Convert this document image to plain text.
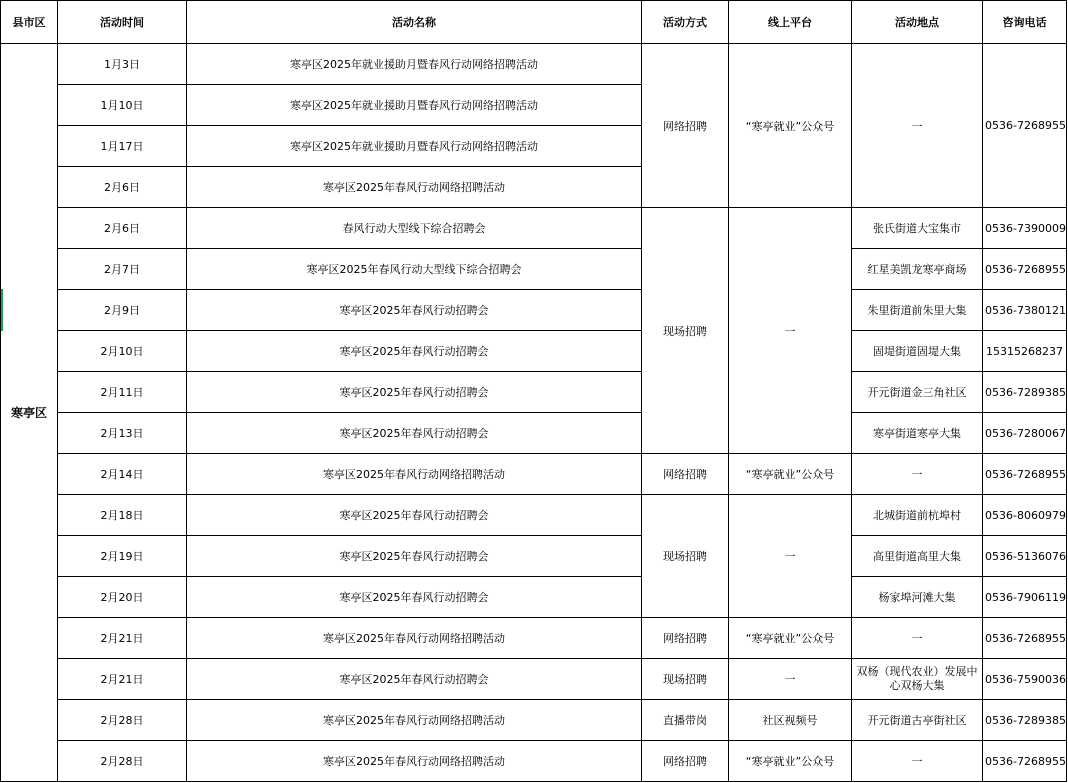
县市区	活动时间	活动名称	活动方式	线上平台	活动地点	咨询电话
寒亭区	1月3日	寒亭区2025年就业援助月暨春风行动网络招聘活动	网络招聘	“寒亭就业”公众号	一	0536-7268955
	1月10日	寒亭区2025年就业援助月暨春风行动网络招聘活动				
	1月17日	寒亭区2025年就业援助月暨春风行动网络招聘活动				
	2月6日	寒亭区2025年春风行动网络招聘活动				
	2月6日	春风行动大型线下综合招聘会	现场招聘	一	张氏街道大宝集市	0536-7390009
	2月7日	寒亭区2025年春风行动大型线下综合招聘会			红星美凯龙寒亭商场	0536-7268955
	2月9日	寒亭区2025年春风行动招聘会			朱里街道前朱里大集	0536-7380121
	2月10日	寒亭区2025年春风行动招聘会			固堤街道固堤大集	15315268237
	2月11日	寒亭区2025年春风行动招聘会			开元街道金三角社区	0536-7289385
	2月13日	寒亭区2025年春风行动招聘会			寒亭街道寒亭大集	0536-7280067
	2月14日	寒亭区2025年春风行动网络招聘活动	网络招聘	“寒亭就业”公众号	一	0536-7268955
	2月18日	寒亭区2025年春风行动招聘会	现场招聘	一	北城街道前杭埠村	0536-8060979
	2月19日	寒亭区2025年春风行动招聘会			高里街道高里大集	0536-5136076
	2月20日	寒亭区2025年春风行动招聘会			杨家埠河滩大集	0536-7906119
	2月21日	寒亭区2025年春风行动网络招聘活动	网络招聘	“寒亭就业”公众号	一	0536-7268955
	2月21日	寒亭区2025年春风行动招聘会	现场招聘	一	双杨（现代农业）发展中心双杨大集	0536-7590036
	2月28日	寒亭区2025年春风行动网络招聘活动	直播带岗	社区视频号	开元街道古亭街社区	0536-7289385
	2月28日	寒亭区2025年春风行动网络招聘活动	网络招聘	“寒亭就业”公众号	一	0536-7268955
